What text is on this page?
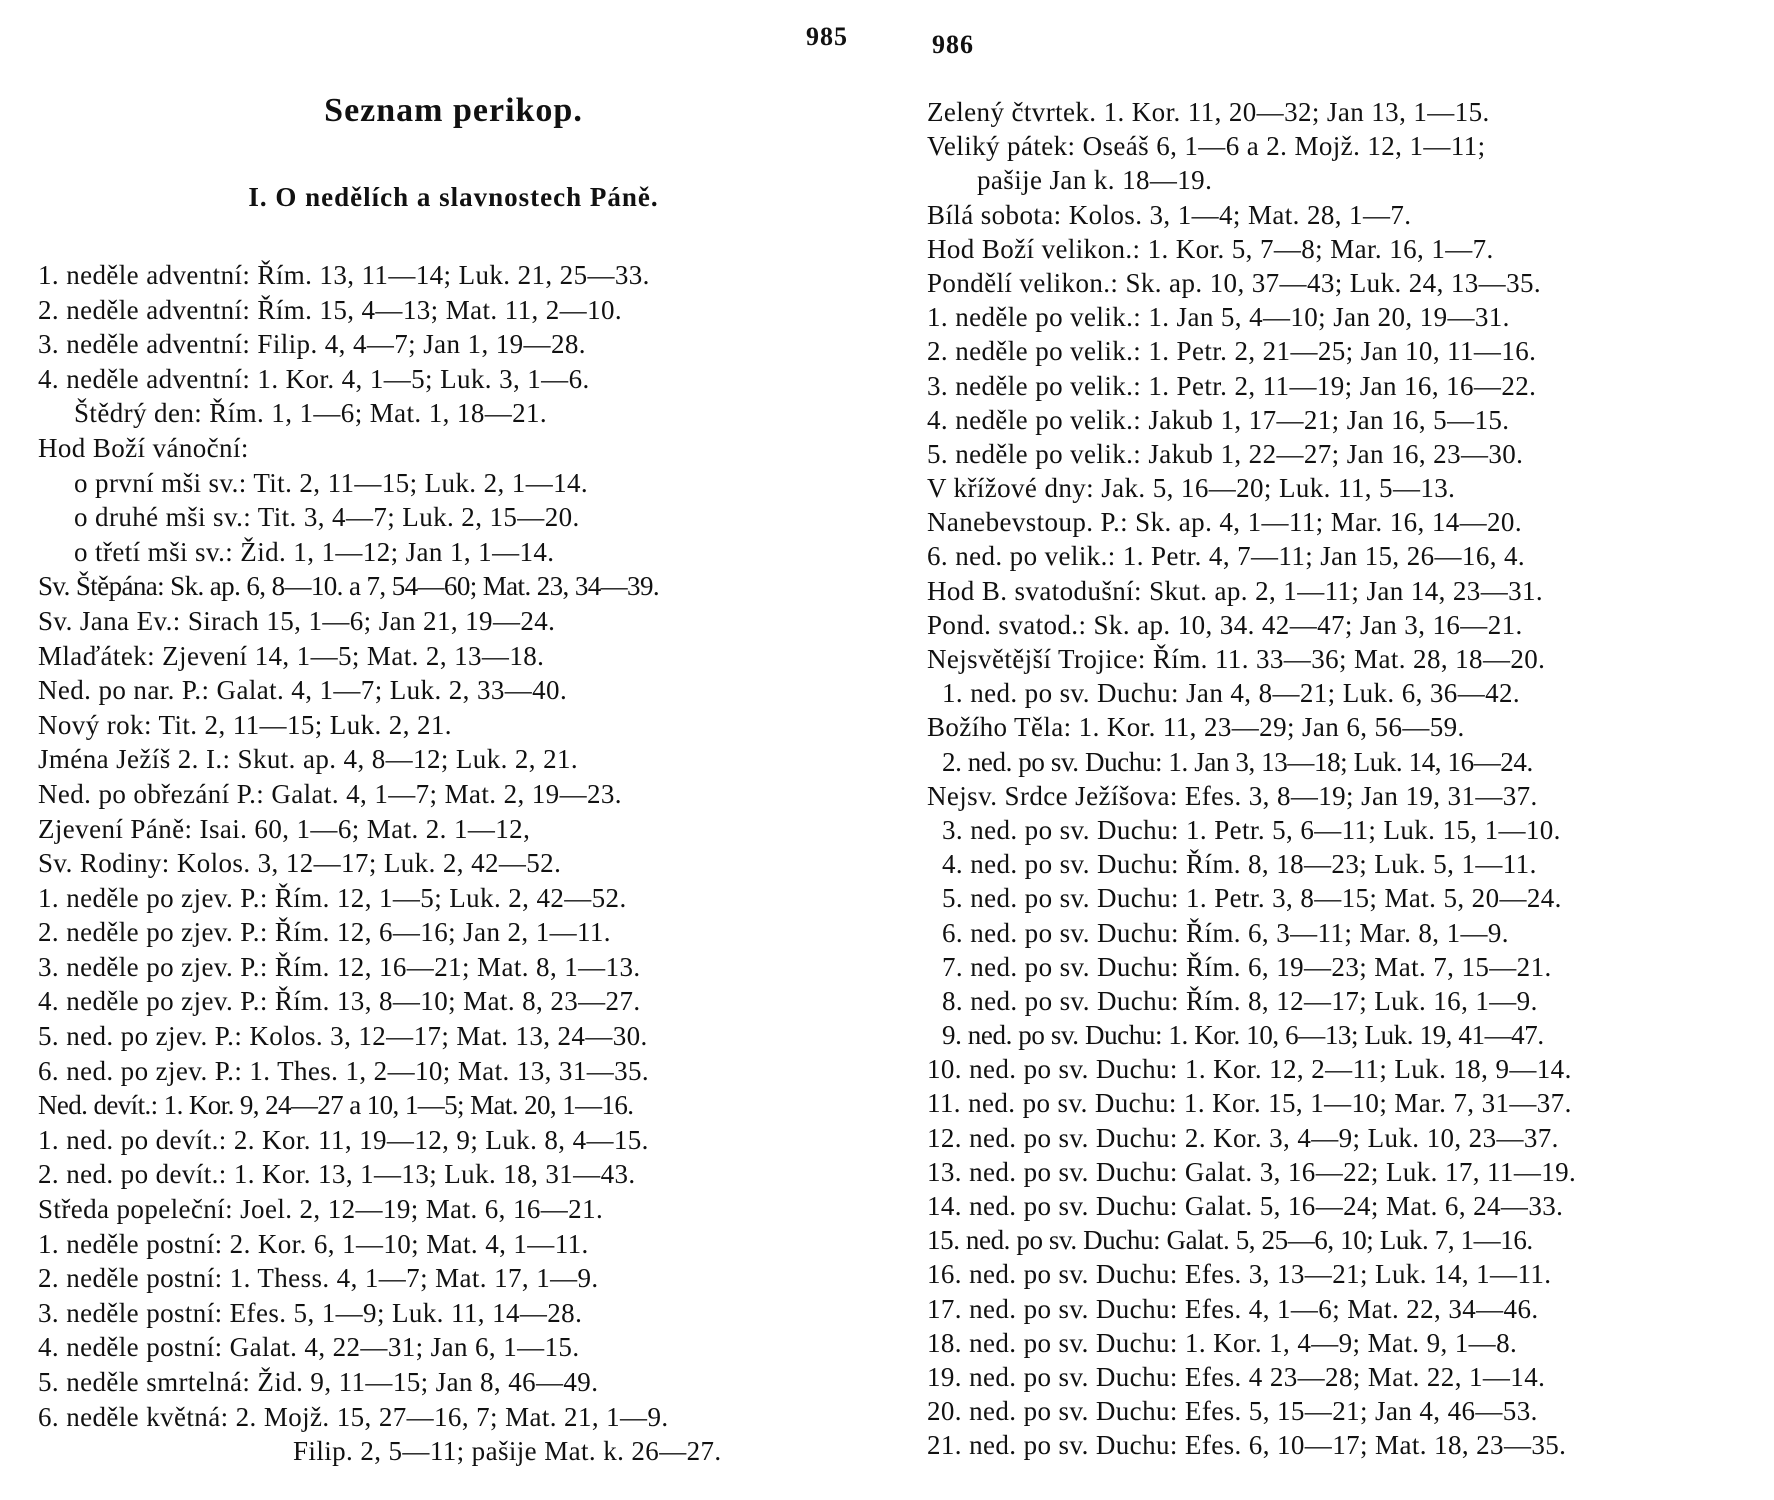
985
Seznam perikop.
I. O nedělích a slavnostech Páně.
1. neděle adventní: Řím. 13, 11—14; Luk. 21, 25—33.
2. neděle adventní: Řím. 15, 4—13; Mat. 11, 2—10.
3. neděle adventní: Filip. 4, 4—7; Jan 1, 19—28.
4. neděle adventní: 1. Kor. 4, 1—5; Luk. 3, 1—6.
Štědrý den: Řím. 1, 1—6; Mat. 1, 18—21.
Hod Boží vánoční:
o první mši sv.: Tit. 2, 11—15; Luk. 2, 1—14.
o druhé mši sv.: Tit. 3, 4—7; Luk. 2, 15—20.
o třetí mši sv.: Žid. 1, 1—12; Jan 1, 1—14.
Sv. Štěpána: Sk. ap. 6, 8—10. a 7, 54—60; Mat. 23, 34—39.
Sv. Jana Ev.: Sirach 15, 1—6; Jan 21, 19—24.
Mlaďátek: Zjevení 14, 1—5; Mat. 2, 13—18.
Ned. po nar. P.: Galat. 4, 1—7; Luk. 2, 33—40.
Nový rok: Tit. 2, 11—15; Luk. 2, 21.
Jména Ježíš 2. I.: Skut. ap. 4, 8—12; Luk. 2, 21.
Ned. po obřezání P.: Galat. 4, 1—7; Mat. 2, 19—23.
Zjevení Páně: Isai. 60, 1—6; Mat. 2. 1—12,
Sv. Rodiny: Kolos. 3, 12—17; Luk. 2, 42—52.
1. neděle po zjev. P.: Řím. 12, 1—5; Luk. 2, 42—52.
2. neděle po zjev. P.: Řím. 12, 6—16; Jan 2, 1—11.
3. neděle po zjev. P.: Řím. 12, 16—21; Mat. 8, 1—13.
4. neděle po zjev. P.: Řím. 13, 8—10; Mat. 8, 23—27.
5. ned. po zjev. P.: Kolos. 3, 12—17; Mat. 13, 24—30.
6. ned. po zjev. P.: 1. Thes. 1, 2—10; Mat. 13, 31—35.
Ned. devít.: 1. Kor. 9, 24—27 a 10, 1—5; Mat. 20, 1—16.
1. ned. po devít.: 2. Kor. 11, 19—12, 9; Luk. 8, 4—15.
2. ned. po devít.: 1. Kor. 13, 1—13; Luk. 18, 31—43.
Středa popeleční: Joel. 2, 12—19; Mat. 6, 16—21.
1. neděle postní: 2. Kor. 6, 1—10; Mat. 4, 1—11.
2. neděle postní: 1. Thess. 4, 1—7; Mat. 17, 1—9.
3. neděle postní: Efes. 5, 1—9; Luk. 11, 14—28.
4. neděle postní: Galat. 4, 22—31; Jan 6, 1—15.
5. neděle smrtelná: Žid. 9, 11—15; Jan 8, 46—49.
6. neděle květná: 2. Mojž. 15, 27—16, 7; Mat. 21, 1—9.
Filip. 2, 5—11; pašije Mat. k. 26—27.
986
Zelený čtvrtek. 1. Kor. 11, 20—32; Jan 13, 1—15.
Veliký pátek: Oseáš 6, 1—6 a 2. Mojž. 12, 1—11;
pašije Jan k. 18—19.
Bílá sobota: Kolos. 3, 1—4; Mat. 28, 1—7.
Hod Boží velikon.: 1. Kor. 5, 7—8; Mar. 16, 1—7.
Pondělí velikon.: Sk. ap. 10, 37—43; Luk. 24, 13—35.
1. neděle po velik.: 1. Jan 5, 4—10; Jan 20, 19—31.
2. neděle po velik.: 1. Petr. 2, 21—25; Jan 10, 11—16.
3. neděle po velik.: 1. Petr. 2, 11—19; Jan 16, 16—22.
4. neděle po velik.: Jakub 1, 17—21; Jan 16, 5—15.
5. neděle po velik.: Jakub 1, 22—27; Jan 16, 23—30.
V křížové dny: Jak. 5, 16—20; Luk. 11, 5—13.
Nanebevstoup. P.: Sk. ap. 4, 1—11; Mar. 16, 14—20.
6. ned. po velik.: 1. Petr. 4, 7—11; Jan 15, 26—16, 4.
Hod B. svatodušní: Skut. ap. 2, 1—11; Jan 14, 23—31.
Pond. svatod.: Sk. ap. 10, 34. 42—47; Jan 3, 16—21.
Nejsvětější Trojice: Řím. 11. 33—36; Mat. 28, 18—20.
1. ned. po sv. Duchu: Jan 4, 8—21; Luk. 6, 36—42.
Božího Těla: 1. Kor. 11, 23—29; Jan 6, 56—59.
2. ned. po sv. Duchu: 1. Jan 3, 13—18; Luk. 14, 16—24.
Nejsv. Srdce Ježíšova: Efes. 3, 8—19; Jan 19, 31—37.
3. ned. po sv. Duchu: 1. Petr. 5, 6—11; Luk. 15, 1—10.
4. ned. po sv. Duchu: Řím. 8, 18—23; Luk. 5, 1—11.
5. ned. po sv. Duchu: 1. Petr. 3, 8—15; Mat. 5, 20—24.
6. ned. po sv. Duchu: Řím. 6, 3—11; Mar. 8, 1—9.
7. ned. po sv. Duchu: Řím. 6, 19—23; Mat. 7, 15—21.
8. ned. po sv. Duchu: Řím. 8, 12—17; Luk. 16, 1—9.
9. ned. po sv. Duchu: 1. Kor. 10, 6—13; Luk. 19, 41—47.
10. ned. po sv. Duchu: 1. Kor. 12, 2—11; Luk. 18, 9—14.
11. ned. po sv. Duchu: 1. Kor. 15, 1—10; Mar. 7, 31—37.
12. ned. po sv. Duchu: 2. Kor. 3, 4—9; Luk. 10, 23—37.
13. ned. po sv. Duchu: Galat. 3, 16—22; Luk. 17, 11—19.
14. ned. po sv. Duchu: Galat. 5, 16—24; Mat. 6, 24—33.
15. ned. po sv. Duchu: Galat. 5, 25—6, 10; Luk. 7, 1—16.
16. ned. po sv. Duchu: Efes. 3, 13—21; Luk. 14, 1—11.
17. ned. po sv. Duchu: Efes. 4, 1—6; Mat. 22, 34—46.
18. ned. po sv. Duchu: 1. Kor. 1, 4—9; Mat. 9, 1—8.
19. ned. po sv. Duchu: Efes. 4 23—28; Mat. 22, 1—14.
20. ned. po sv. Duchu: Efes. 5, 15—21; Jan 4, 46—53.
21. ned. po sv. Duchu: Efes. 6, 10—17; Mat. 18, 23—35.
